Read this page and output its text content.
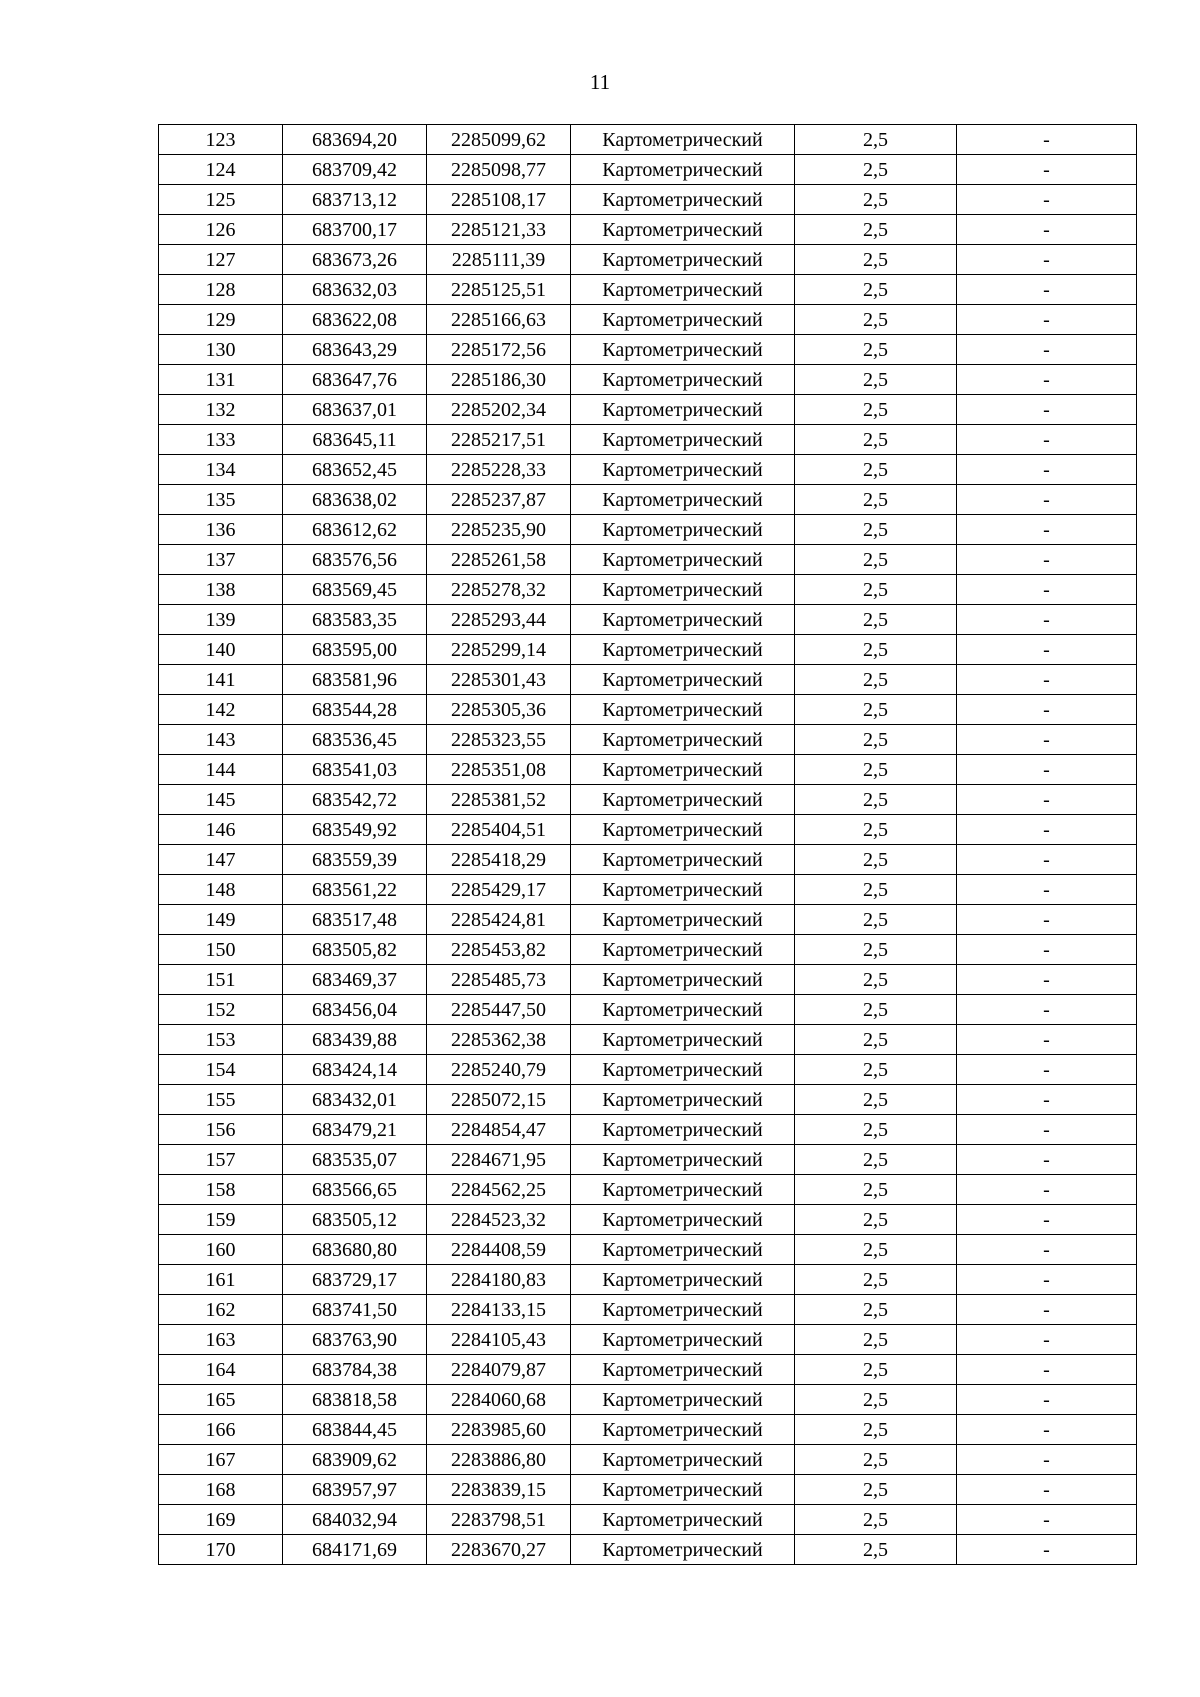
11
123	683694,20	2285099,62	Картометрический	2,5	-
124	683709,42	2285098,77	Картометрический	2,5	-
125	683713,12	2285108,17	Картометрический	2,5	-
126	683700,17	2285121,33	Картометрический	2,5	-
127	683673,26	2285111,39	Картометрический	2,5	-
128	683632,03	2285125,51	Картометрический	2,5	-
129	683622,08	2285166,63	Картометрический	2,5	-
130	683643,29	2285172,56	Картометрический	2,5	-
131	683647,76	2285186,30	Картометрический	2,5	-
132	683637,01	2285202,34	Картометрический	2,5	-
133	683645,11	2285217,51	Картометрический	2,5	-
134	683652,45	2285228,33	Картометрический	2,5	-
135	683638,02	2285237,87	Картометрический	2,5	-
136	683612,62	2285235,90	Картометрический	2,5	-
137	683576,56	2285261,58	Картометрический	2,5	-
138	683569,45	2285278,32	Картометрический	2,5	-
139	683583,35	2285293,44	Картометрический	2,5	-
140	683595,00	2285299,14	Картометрический	2,5	-
141	683581,96	2285301,43	Картометрический	2,5	-
142	683544,28	2285305,36	Картометрический	2,5	-
143	683536,45	2285323,55	Картометрический	2,5	-
144	683541,03	2285351,08	Картометрический	2,5	-
145	683542,72	2285381,52	Картометрический	2,5	-
146	683549,92	2285404,51	Картометрический	2,5	-
147	683559,39	2285418,29	Картометрический	2,5	-
148	683561,22	2285429,17	Картометрический	2,5	-
149	683517,48	2285424,81	Картометрический	2,5	-
150	683505,82	2285453,82	Картометрический	2,5	-
151	683469,37	2285485,73	Картометрический	2,5	-
152	683456,04	2285447,50	Картометрический	2,5	-
153	683439,88	2285362,38	Картометрический	2,5	-
154	683424,14	2285240,79	Картометрический	2,5	-
155	683432,01	2285072,15	Картометрический	2,5	-
156	683479,21	2284854,47	Картометрический	2,5	-
157	683535,07	2284671,95	Картометрический	2,5	-
158	683566,65	2284562,25	Картометрический	2,5	-
159	683505,12	2284523,32	Картометрический	2,5	-
160	683680,80	2284408,59	Картометрический	2,5	-
161	683729,17	2284180,83	Картометрический	2,5	-
162	683741,50	2284133,15	Картометрический	2,5	-
163	683763,90	2284105,43	Картометрический	2,5	-
164	683784,38	2284079,87	Картометрический	2,5	-
165	683818,58	2284060,68	Картометрический	2,5	-
166	683844,45	2283985,60	Картометрический	2,5	-
167	683909,62	2283886,80	Картометрический	2,5	-
168	683957,97	2283839,15	Картометрический	2,5	-
169	684032,94	2283798,51	Картометрический	2,5	-
170	684171,69	2283670,27	Картометрический	2,5	-
